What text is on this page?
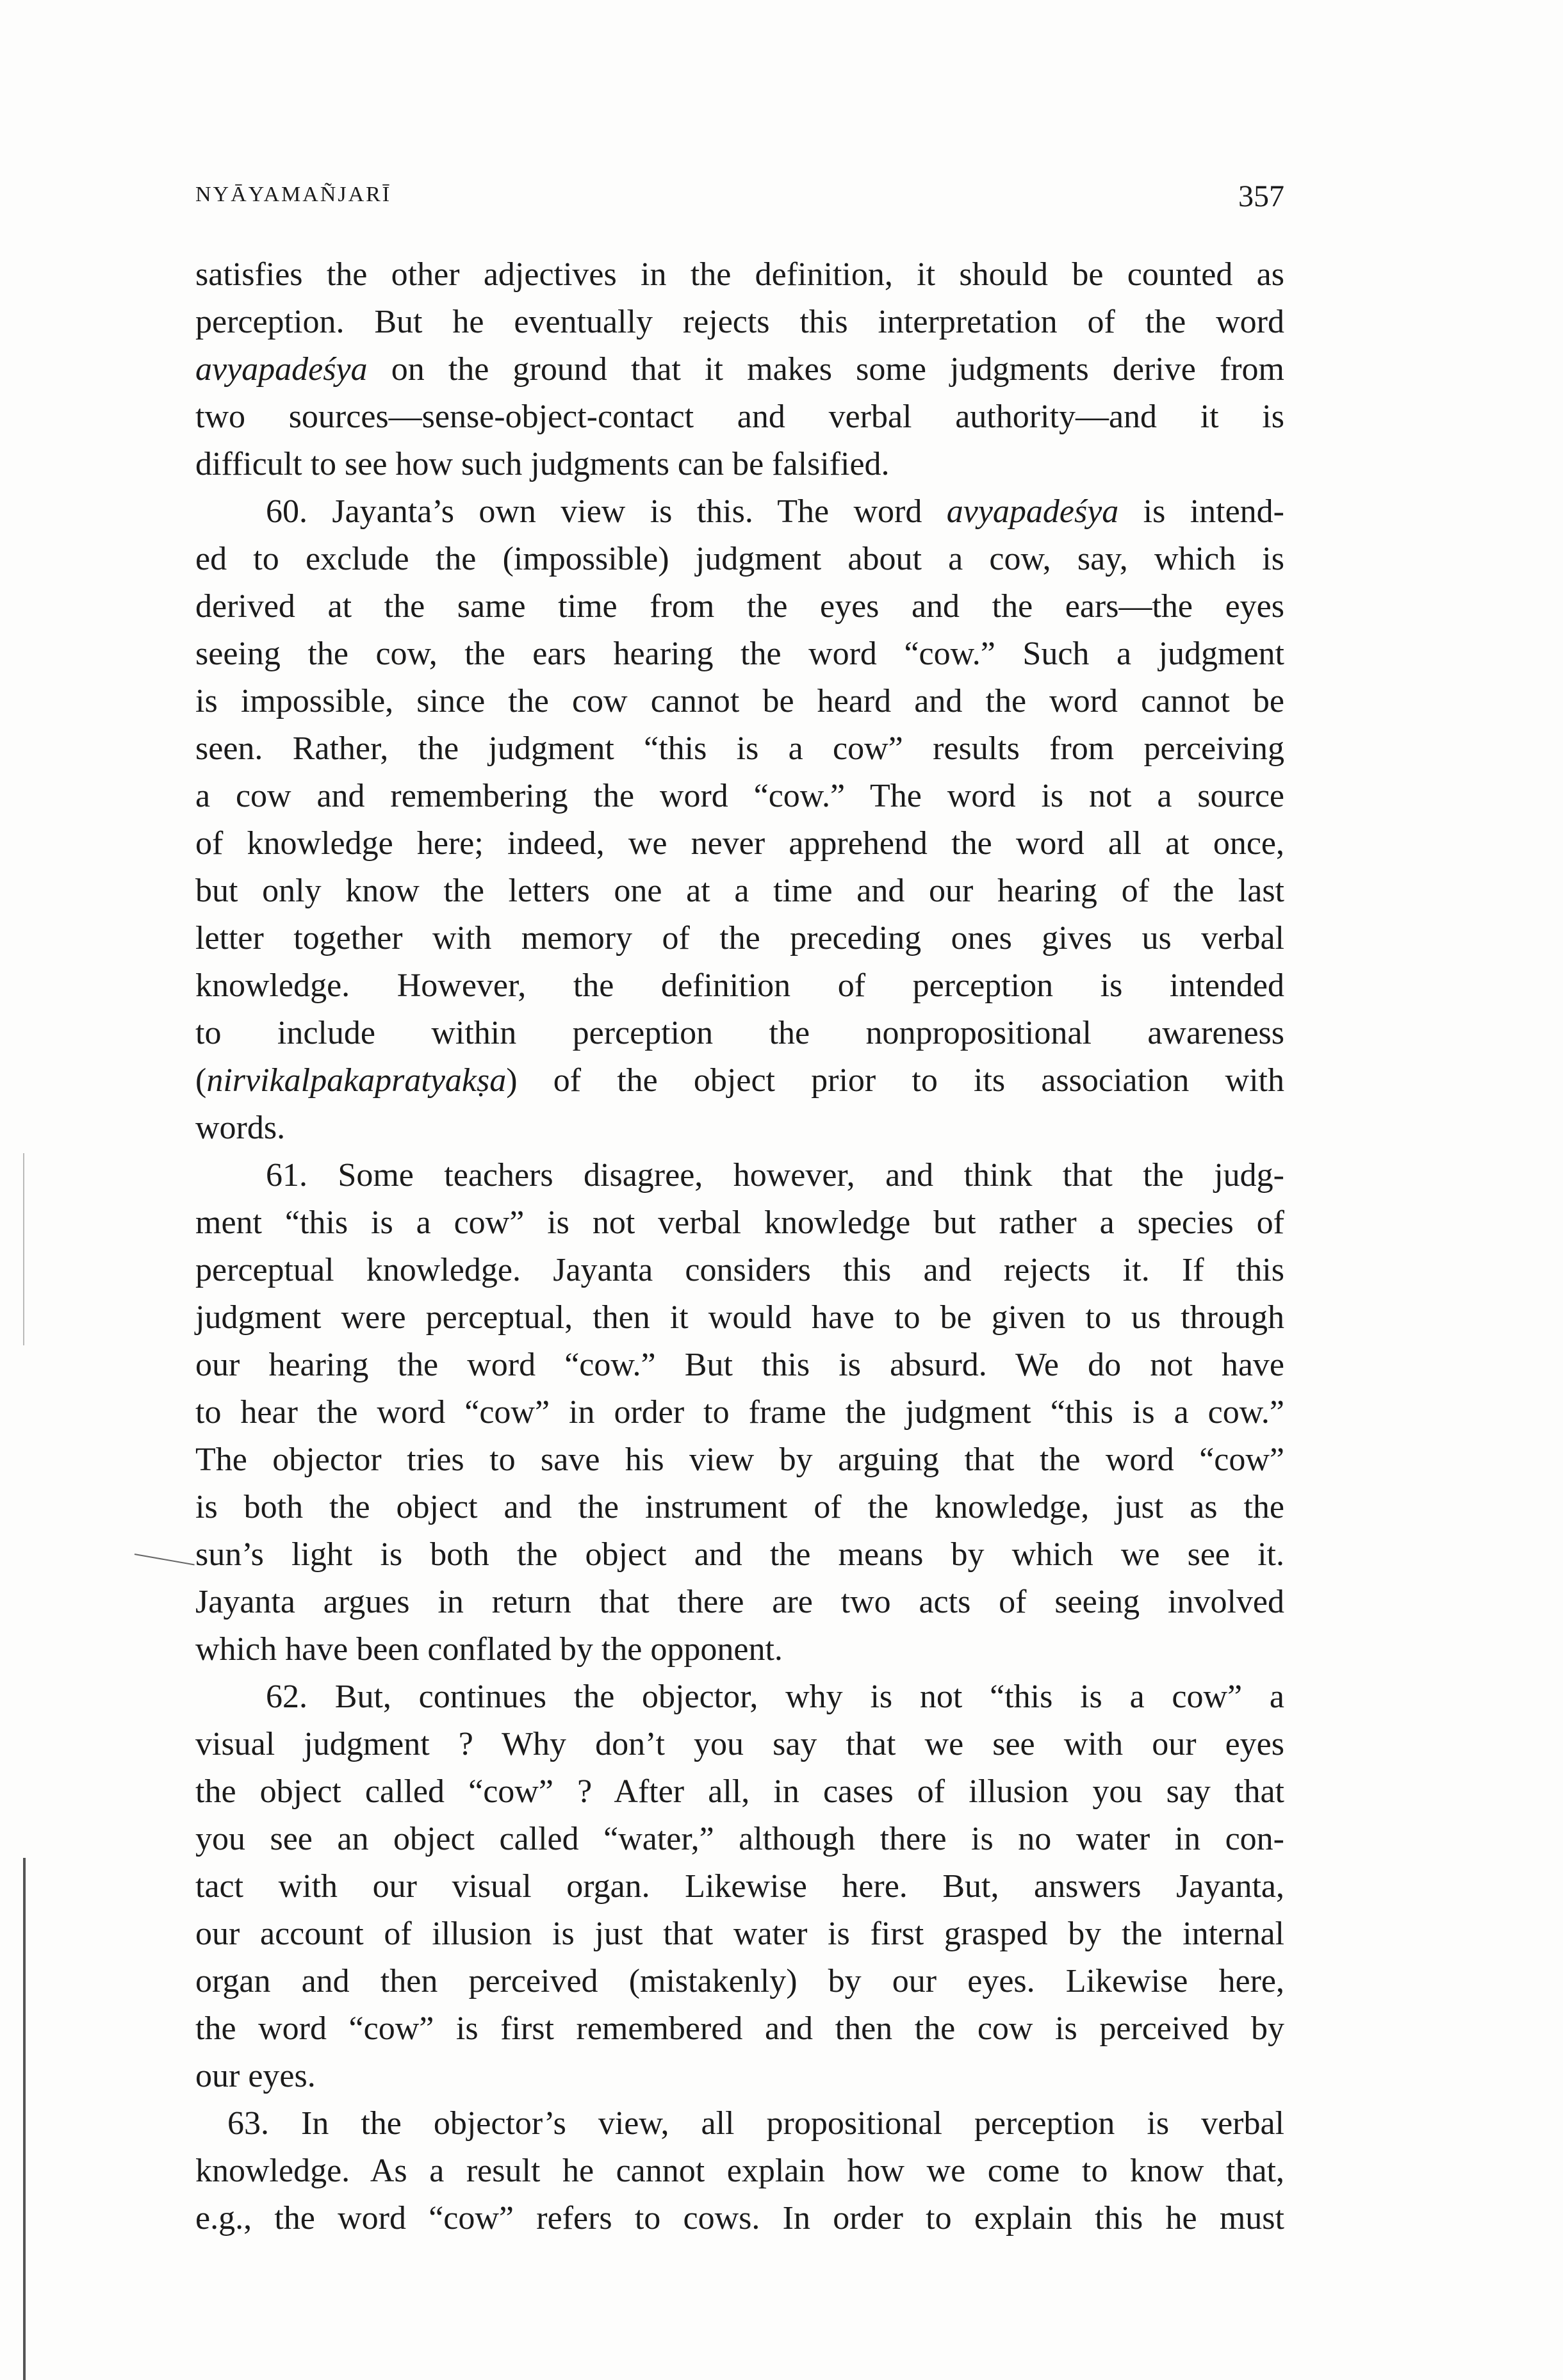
NYĀYAMAÑJARĪ	357
satisfies the other adjectives in the definition, it should be counted as
perception. But he eventually rejects this interpretation of the word
avyapadeśya on the ground that it makes some judgments derive from
two sources—sense-object-contact and verbal authority—and it is
difficult to see how such judgments can be falsified.
60. Jayanta’s own view is this. The word avyapadeśya is intend-
ed to exclude the (impossible) judgment about a cow, say, which is
derived at the same time from the eyes and the ears—the eyes
seeing the cow, the ears hearing the word “cow.” Such a judgment
is impossible, since the cow cannot be heard and the word cannot be
seen. Rather, the judgment “this is a cow” results from perceiving
a cow and remembering the word “cow.” The word is not a source
of knowledge here; indeed, we never apprehend the word all at once,
but only know the letters one at a time and our hearing of the last
letter together with memory of the preceding ones gives us verbal
knowledge. However, the definition of perception is intended
to include within perception the nonpropositional awareness
(nirvikalpakapratyakṣa) of the object prior to its association with
words.
61. Some teachers disagree, however, and think that the judg-
ment “this is a cow” is not verbal knowledge but rather a species of
perceptual knowledge. Jayanta considers this and rejects it. If this
judgment were perceptual, then it would have to be given to us through
our hearing the word “cow.” But this is absurd. We do not have
to hear the word “cow” in order to frame the judgment “this is a cow.”
The objector tries to save his view by arguing that the word “cow”
is both the object and the instrument of the knowledge, just as the
sun’s light is both the object and the means by which we see it.
Jayanta argues in return that there are two acts of seeing involved
which have been conflated by the opponent.
62. But, continues the objector, why is not “this is a cow” a
visual judgment ? Why don’t you say that we see with our eyes
the object called “cow” ? After all, in cases of illusion you say that
you see an object called “water,” although there is no water in con-
tact with our visual organ. Likewise here. But, answers Jayanta,
our account of illusion is just that water is first grasped by the internal
organ and then perceived (mistakenly) by our eyes. Likewise here,
the word “cow” is first remembered and then the cow is perceived by
our eyes.
63. In the objector’s view, all propositional perception is verbal
knowledge. As a result he cannot explain how we come to know that,
e.g., the word “cow” refers to cows. In order to explain this he must
